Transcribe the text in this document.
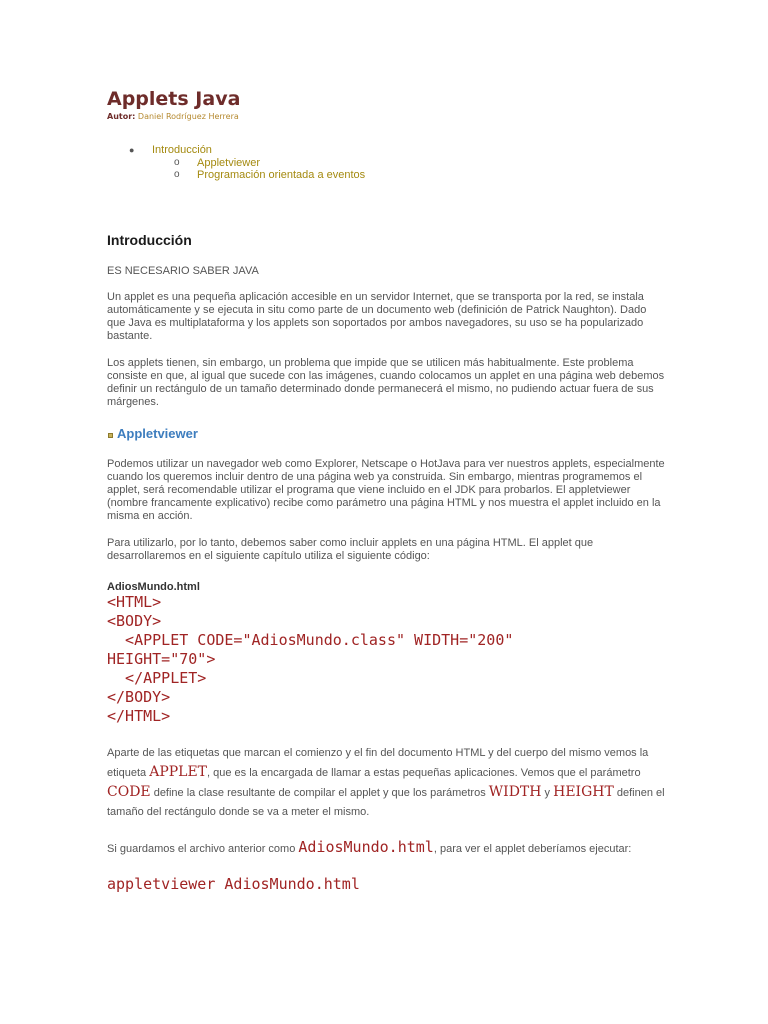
Applets Java
Autor: Daniel Rodríguez Herrera
● Introducción
o Appletviewer
o Programación orientada a eventos
Introducción

ES NECESARIO SABER JAVA

Un applet es una pequeña aplicación accesible en un servidor Internet, que se transporta por la red, se instala automáticamente y se ejecuta in situ como parte de un documento web (definición de Patrick Naughton). Dado que Java es multiplataforma y los applets son soportados por ambos navegadores, su uso se ha popularizado bastante.

Los applets tienen, sin embargo, un problema que impide que se utilicen más habitualmente. Este problema consiste en que, al igual que sucede con las imágenes, cuando colocamos un applet en una página web debemos definir un rectángulo de un tamaño determinado donde permanecerá el mismo, no pudiendo actuar fuera de sus márgenes.

Appletviewer

Podemos utilizar un navegador web como Explorer, Netscape o HotJava para ver nuestros applets, especialmente cuando los queremos incluir dentro de una página web ya construida. Sin embargo, mientras programemos el applet, será recomendable utilizar el programa que viene incluido en el JDK para probarlos. El appletviewer (nombre francamente explicativo) recibe como parámetro una página HTML y nos muestra el applet incluido en la misma en acción.

Para utilizarlo, por lo tanto, debemos saber como incluir applets en una página HTML. El applet que desarrollaremos en el siguiente capítulo utiliza el siguiente código:

AdiosMundo.html
<HTML>
<BODY>
<APPLET CODE="AdiosMundo.class" WIDTH="200"
HEIGHT="70">
</APPLET>
</BODY>
</HTML>

Aparte de las etiquetas que marcan el comienzo y el fin del documento HTML y del cuerpo del mismo vemos la etiqueta APPLET, que es la encargada de llamar a estas pequeñas aplicaciones. Vemos que el parámetro CODE define la clase resultante de compilar el applet y que los parámetros WIDTH y HEIGHT definen el tamaño del rectángulo donde se va a meter el mismo.

Si guardamos el archivo anterior como AdiosMundo.html, para ver el applet deberíamos ejecutar:

appletviewer AdiosMundo.html
